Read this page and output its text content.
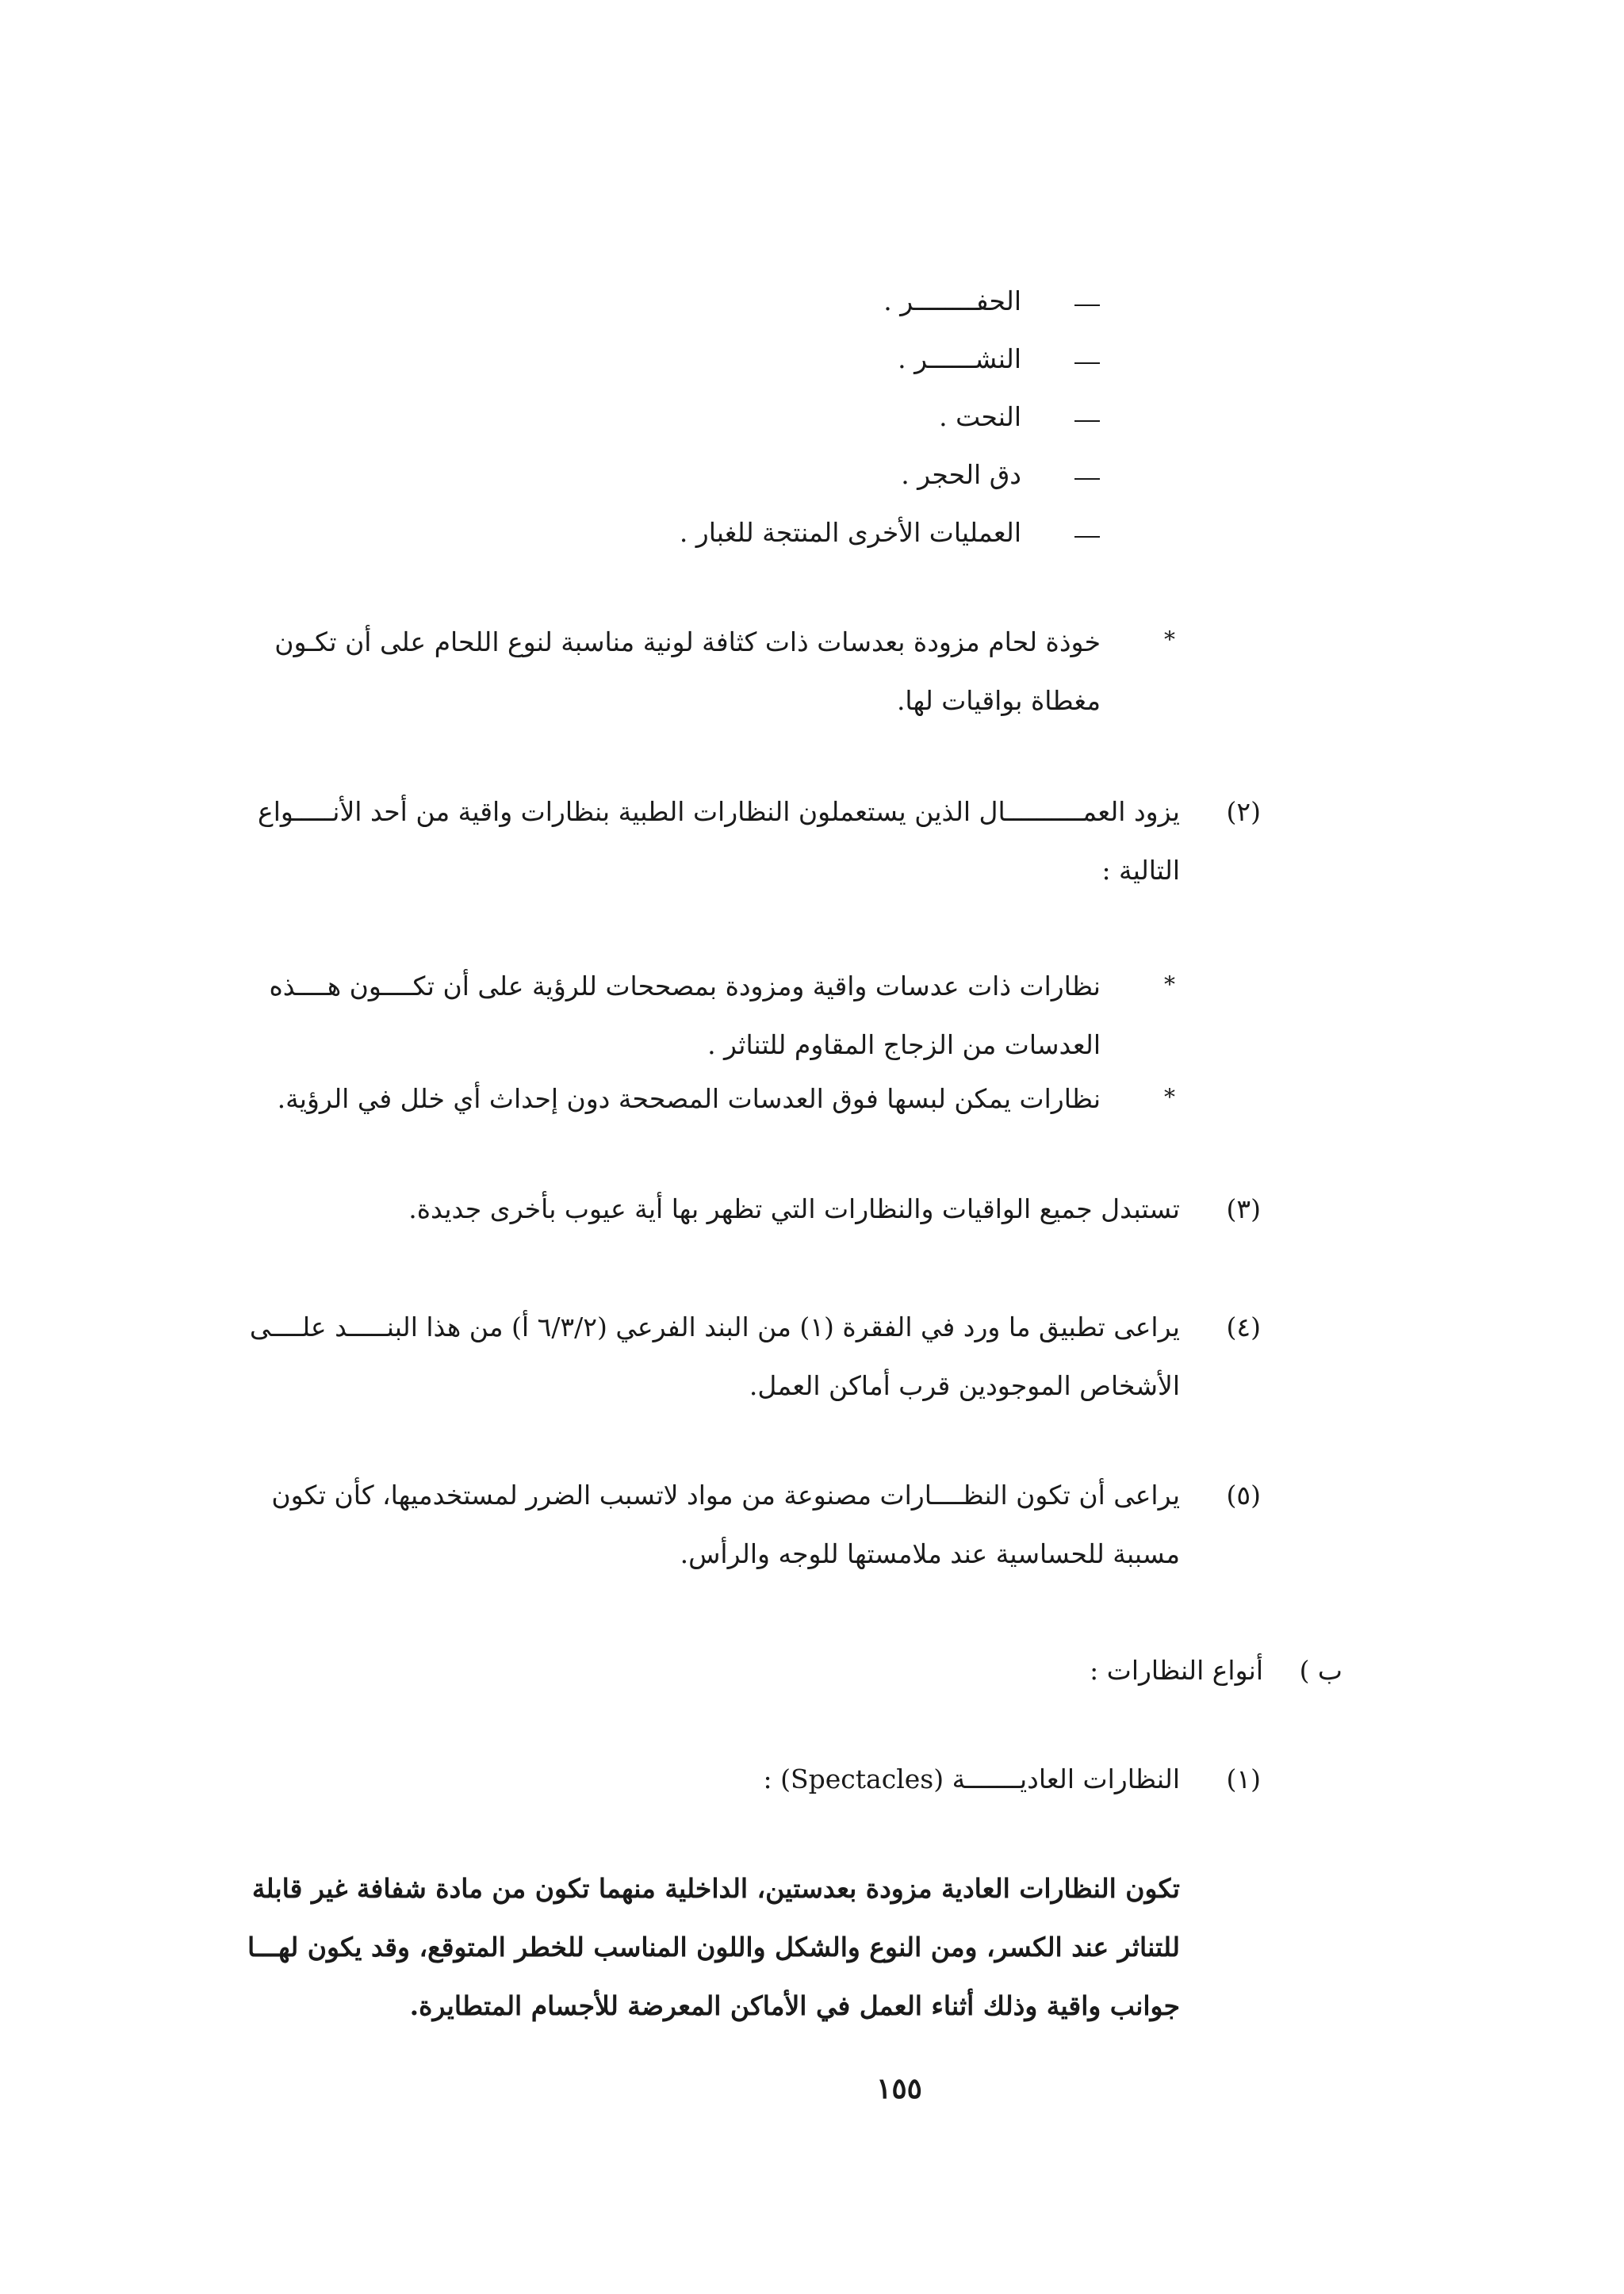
الحفــــــــر .
النشــــــر .
النحت .
دق الحجر .
العمليات الأخرى المنتجة للغبار .
*
خوذة لحام مزودة بعدسات ذات كثافة لونية مناسبة لنوع اللحام على أن تكـون
مغطاة بواقيات لها.
(٢)
يزود العمــــــــــال الذين يستعملون النظارات الطبية بنظارات واقية من أحد الأنـــــواع
التالية :
*
نظارات ذات عدسات واقية ومزودة بمصححات للرؤية على أن تكــــون هــــذه
العدسات من الزجاج المقاوم للتناثر .
*
نظارات يمكن لبسها فوق العدسات المصححة دون إحداث أي خلل في الرؤية.
(٣)
تستبدل جميع الواقيات والنظارات التي تظهر بها أية عيوب بأخرى جديدة.
(٤)
يراعى تطبيق ما ورد في الفقرة (١) من البند الفرعي (٦/٣/٢ أ) من هذا البنـــــد علــــى
الأشخاص الموجودين قرب أماكن العمل.
(٥)
يراعى أن تكون النظــــارات مصنوعة من مواد لاتسبب الضرر لمستخدميها، كأن تكون
مسببة للحساسية عند ملامستها للوجه والرأس.
ب )
أنواع النظارات :
(١)
النظارات العاديـــــــة (Spectacles) :
تكون النظارات العادية مزودة بعدستين، الداخلية منهما تكون من مادة شفافة غير قابلة
للتناثر عند الكسر، ومن النوع والشكل واللون المناسب للخطر المتوقع، وقد يكون لهـــا
جوانب واقية وذلك أثناء العمل في الأماكن المعرضة للأجسام المتطايرة.
١٥٥
